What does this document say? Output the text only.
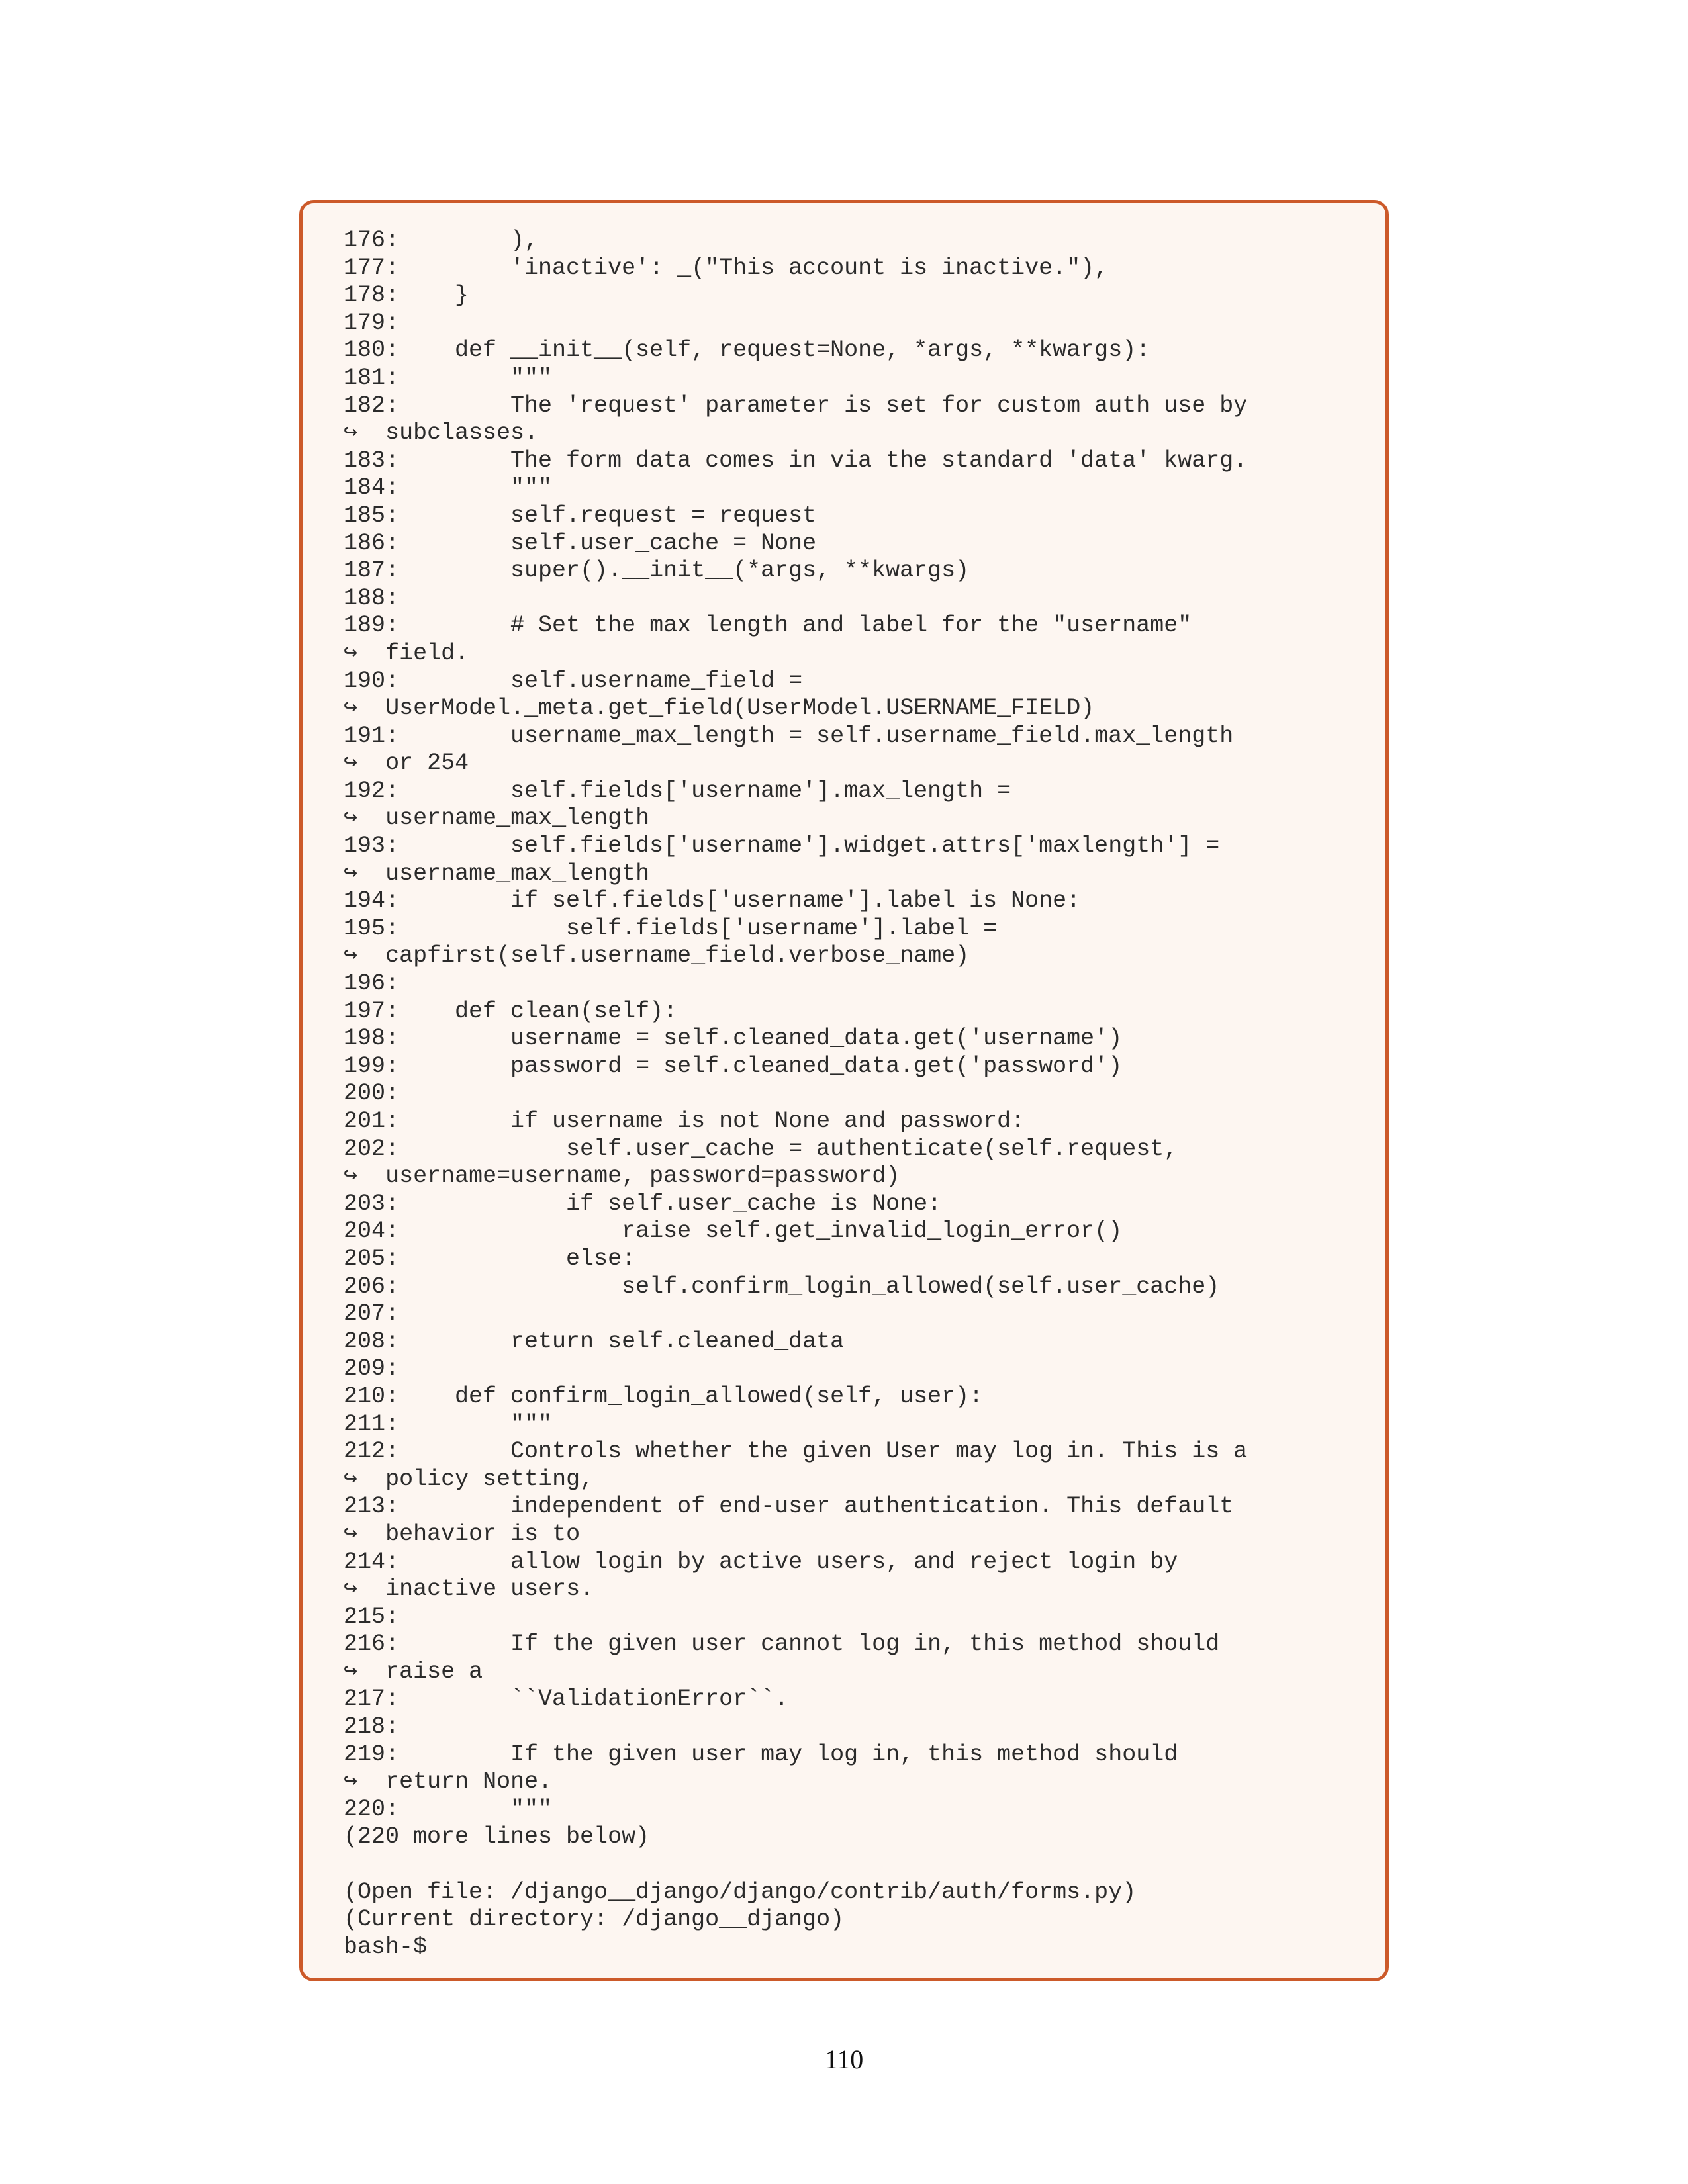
176:        ),
177:        'inactive': _("This account is inactive."),
178:    }
179:
180:    def __init__(self, request=None, *args, **kwargs):
181:        """
182:        The 'request' parameter is set for custom auth use by
↪  subclasses.
183:        The form data comes in via the standard 'data' kwarg.
184:        """
185:        self.request = request
186:        self.user_cache = None
187:        super().__init__(*args, **kwargs)
188:
189:        # Set the max length and label for the "username"
↪  field.
190:        self.username_field =
↪  UserModel._meta.get_field(UserModel.USERNAME_FIELD)
191:        username_max_length = self.username_field.max_length
↪  or 254
192:        self.fields['username'].max_length =
↪  username_max_length
193:        self.fields['username'].widget.attrs['maxlength'] =
↪  username_max_length
194:        if self.fields['username'].label is None:
195:            self.fields['username'].label =
↪  capfirst(self.username_field.verbose_name)
196:
197:    def clean(self):
198:        username = self.cleaned_data.get('username')
199:        password = self.cleaned_data.get('password')
200:
201:        if username is not None and password:
202:            self.user_cache = authenticate(self.request,
↪  username=username, password=password)
203:            if self.user_cache is None:
204:                raise self.get_invalid_login_error()
205:            else:
206:                self.confirm_login_allowed(self.user_cache)
207:
208:        return self.cleaned_data
209:
210:    def confirm_login_allowed(self, user):
211:        """
212:        Controls whether the given User may log in. This is a
↪  policy setting,
213:        independent of end-user authentication. This default
↪  behavior is to
214:        allow login by active users, and reject login by
↪  inactive users.
215:
216:        If the given user cannot log in, this method should
↪  raise a
217:        ``ValidationError``.
218:
219:        If the given user may log in, this method should
↪  return None.
220:        """
(220 more lines below)
(Open file: /django__django/django/contrib/auth/forms.py)
(Current directory: /django__django)
bash-$
110
